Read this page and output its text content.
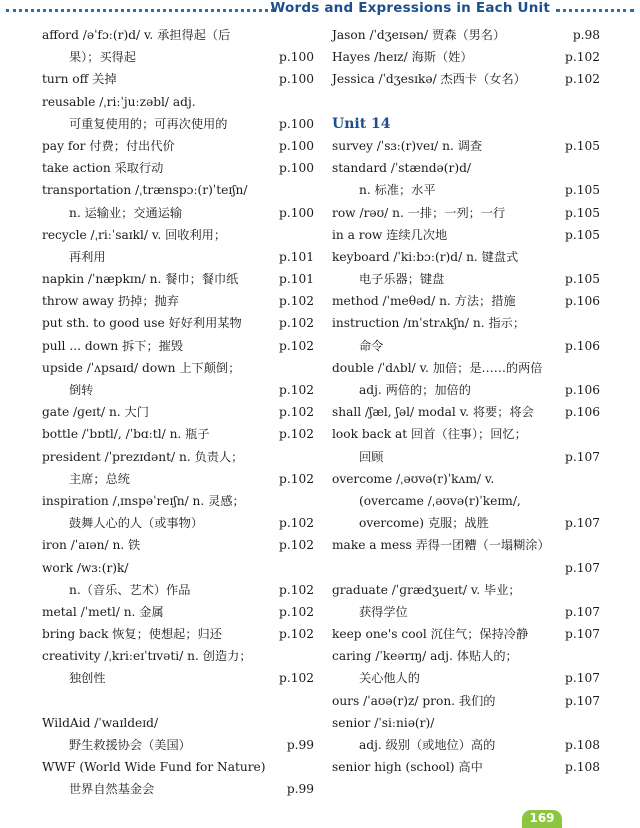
Words and Expressions in Each Unit
afford /əˈfɔː(r)d/ v. 承担得起（后
果）；买得起	p.100
turn off 关掉	p.100
reusable /ˌriːˈjuːzəbl/ adj.
可重复使用的；可再次使用的	p.100
pay for 付费；付出代价	p.100
take action 采取行动	p.100
transportation /ˌtrænspɔː(r)ˈteɪʃn/
n. 运输业；交通运输	p.100
recycle /ˌriːˈsaɪkl/ v. 回收利用；
再利用	p.101
napkin /ˈnæpkɪn/ n. 餐巾；餐巾纸	p.101
throw away 扔掉；抛弃	p.102
put sth. to good use 好好利用某物	p.102
pull ... down 拆下；摧毁	p.102
upside /ˈʌpsaɪd/ down 上下颠倒；
倒转	p.102
gate /ɡeɪt/ n. 大门	p.102
bottle /ˈbɒtl/, /ˈbɑːtl/ n. 瓶子	p.102
president /ˈprezɪdənt/ n. 负责人；
主席；总统	p.102
inspiration /ˌɪnspəˈreɪʃn/ n. 灵感；
鼓舞人心的人（或事物）	p.102
iron /ˈaɪən/ n. 铁	p.102
work /wɜː(r)k/
n.（音乐、艺术）作品	p.102
metal /ˈmetl/ n. 金属	p.102
bring back 恢复；使想起；归还	p.102
creativity /ˌkriːeɪˈtɪvəti/ n. 创造力；
独创性	p.102
WildAid /ˈwaɪldeɪd/
野生救援协会（美国）	p.99
WWF (World Wide Fund for Nature)
世界自然基金会	p.99
Jason /ˈdʒeɪsən/ 贾森（男名）	p.98
Hayes /heɪz/ 海斯（姓）	p.102
Jessica /ˈdʒesɪkə/ 杰西卡（女名）	p.102
Unit 14
survey /ˈsɜː(r)veɪ/ n. 调查	p.105
standard /ˈstændə(r)d/
n. 标准；水平	p.105
row /rəʊ/ n. 一排；一列；一行	p.105
in a row 连续几次地	p.105
keyboard /ˈkiːbɔː(r)d/ n. 键盘式
电子乐器；键盘	p.105
method /ˈmeθəd/ n. 方法；措施	p.106
instruction /ɪnˈstrʌkʃn/ n. 指示；
命令	p.106
double /ˈdʌbl/ v. 加倍；是……的两倍
adj. 两倍的；加倍的	p.106
shall /ʃæl, ʃəl/ modal v. 将要；将会	p.106
look back at 回首（往事）；回忆；
回顾	p.107
overcome /ˌəʊvə(r)ˈkʌm/ v.
(overcame /ˌəʊvə(r)ˈkeɪm/,
overcome) 克服；战胜	p.107
make a mess 弄得一团糟（一塌糊涂）
p.107
graduate /ˈɡrædʒueɪt/ v. 毕业；
获得学位	p.107
keep one's cool 沉住气；保持冷静	p.107
caring /ˈkeərɪŋ/ adj. 体贴人的；
关心他人的	p.107
ours /ˈaʊə(r)z/ pron. 我们的	p.107
senior /ˈsiːniə(r)/
adj. 级别（或地位）高的	p.108
senior high (school) 高中	p.108
169
